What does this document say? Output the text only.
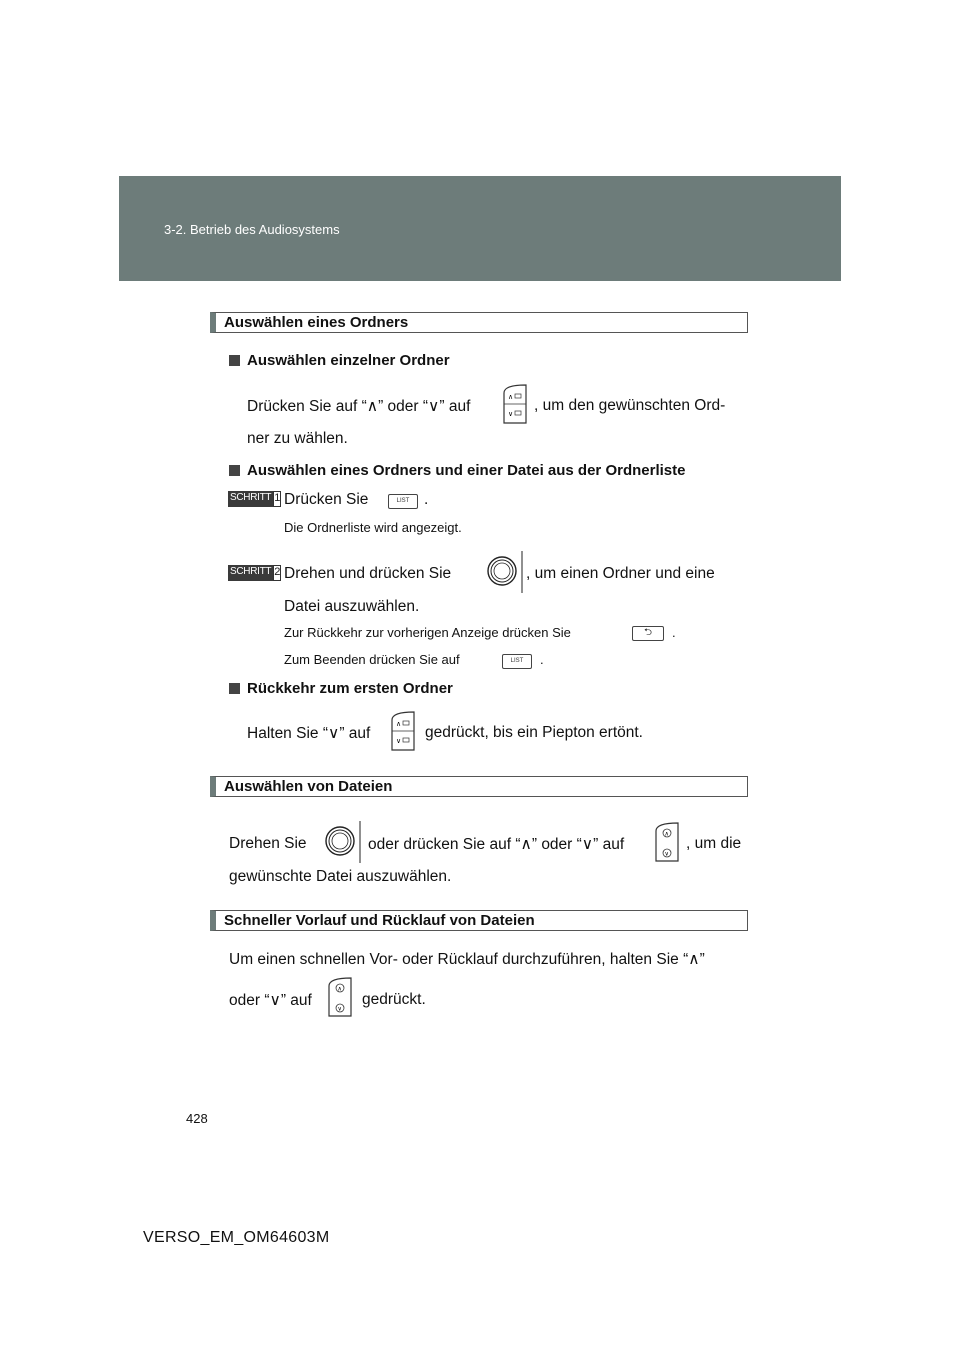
3-2. Betrieb des Audiosystems
Auswählen eines Ordners
Auswählen einzelner Ordner
Drücken Sie auf “∧” oder “∨” auf
∧
∨ , um den gewünschten Ord-
ner zu wählen.
Auswählen eines Ordners und einer Datei aus der Ordnerliste
SCHRITT 1 Drücken Sie	LIST .
Die Ordnerliste wird angezeigt.
SCHRITT 2 Drehen und drücken Sie	, um einen Ordner und eine
Datei auszuwählen.
Zur Rückkehr zur vorherigen Anzeige drücken Sie	⮌	.
Zum Beenden drücken Sie auf	LIST	.
Rückkehr zum ersten Ordner
Halten Sie “∨” auf
∧
∨ gedrückt, bis ein Piepton ertönt.
Auswählen von Dateien
Drehen Sie	oder drücken Sie auf “∧” oder “∨” auf
∧
∨
, um die
gewünschte Datei auszuwählen.
Schneller Vorlauf und Rücklauf von Dateien
Um einen schnellen Vor- oder Rücklauf durchzuführen, halten Sie “∧”
oder “∨” auf
∧
∨
gedrückt.
428
VERSO_EM_OM64603M
